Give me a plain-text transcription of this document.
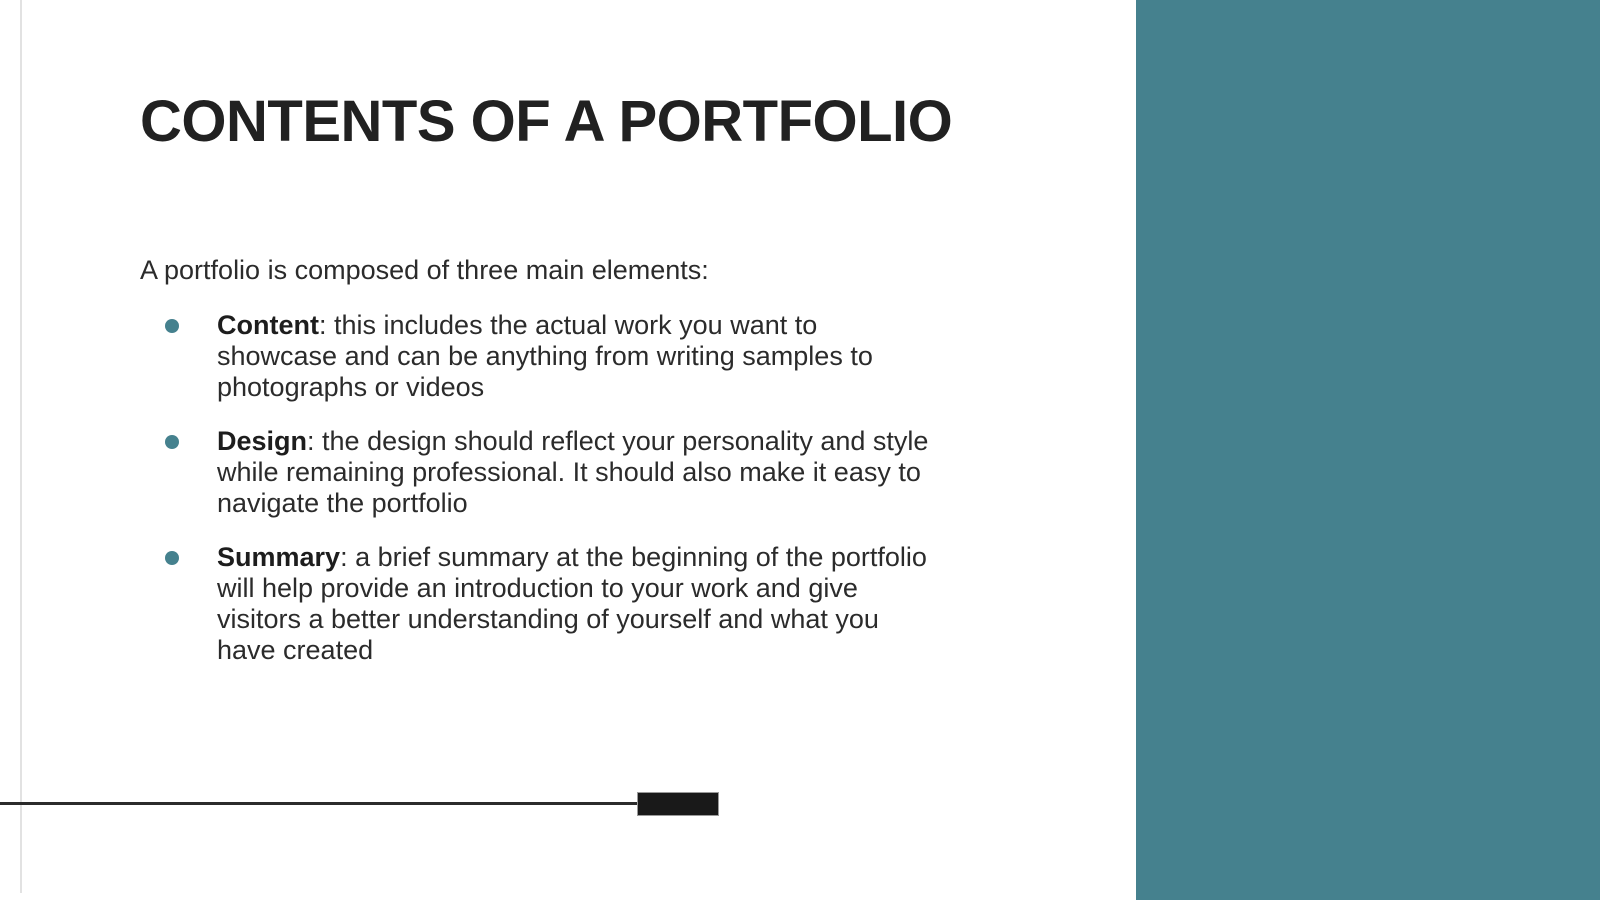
CONTENTS OF A PORTFOLIO

A portfolio is composed of three main elements:

Content: this includes the actual work you want to
showcase and can be anything from writing samples to
photographs or videos
Design: the design should reflect your personality and style
while remaining professional. It should also make it easy to
navigate the portfolio
Summary: a brief summary at the beginning of the portfolio
will help provide an introduction to your work and give
visitors a better understanding of yourself and what you
have created
